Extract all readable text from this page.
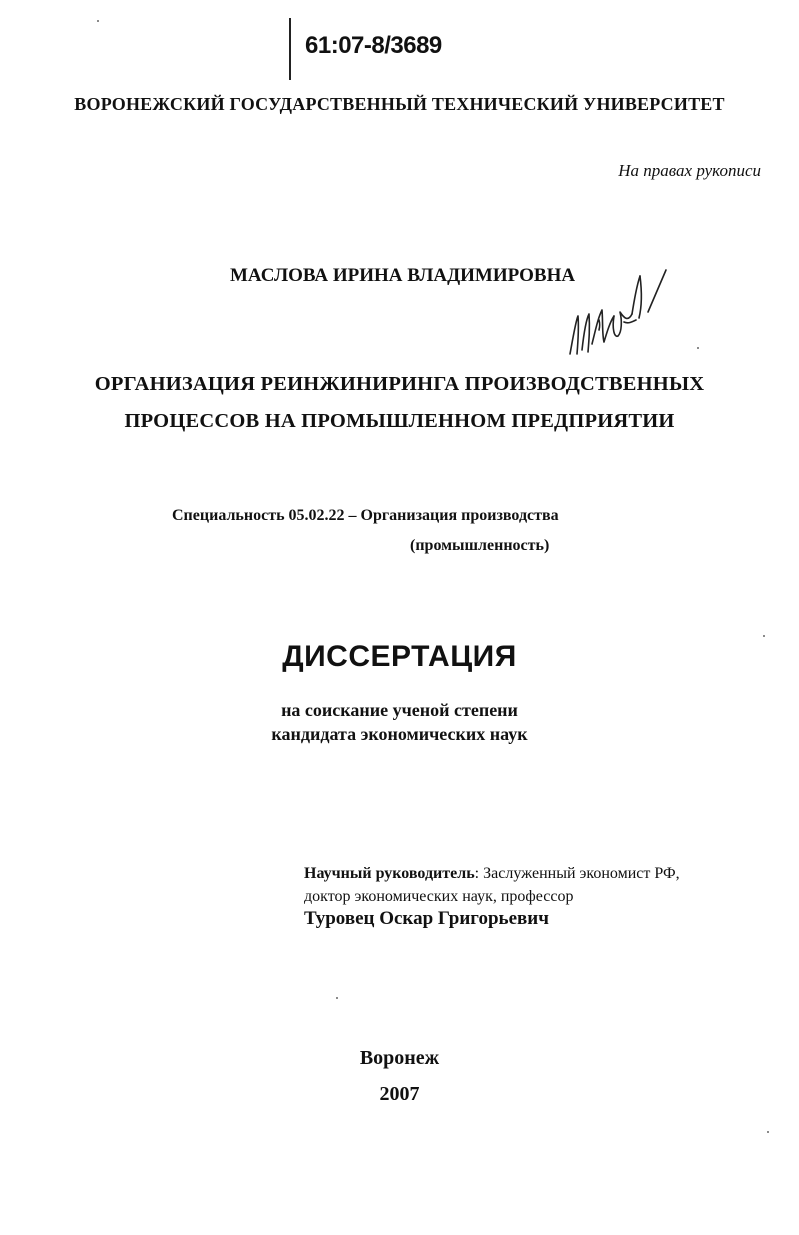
61:07-8/3689
ВОРОНЕЖСКИЙ ГОСУДАРСТВЕННЫЙ ТЕХНИЧЕСКИЙ УНИВЕРСИТЕТ
На правах рукописи
МАСЛОВА ИРИНА ВЛАДИМИРОВНА
ОРГАНИЗАЦИЯ РЕИНЖИНИРИНГА ПРОИЗВОДСТВЕННЫХ
ПРОЦЕССОВ НА ПРОМЫШЛЕННОМ ПРЕДПРИЯТИИ
Специальность 05.02.22 – Организация производства
(промышленность)
ДИССЕРТАЦИЯ
на соискание ученой степени
кандидата экономических наук
Научный руководитель: Заслуженный экономист РФ,
доктор экономических наук, профессор
Туровец Оскар Григорьевич
Воронеж
2007
